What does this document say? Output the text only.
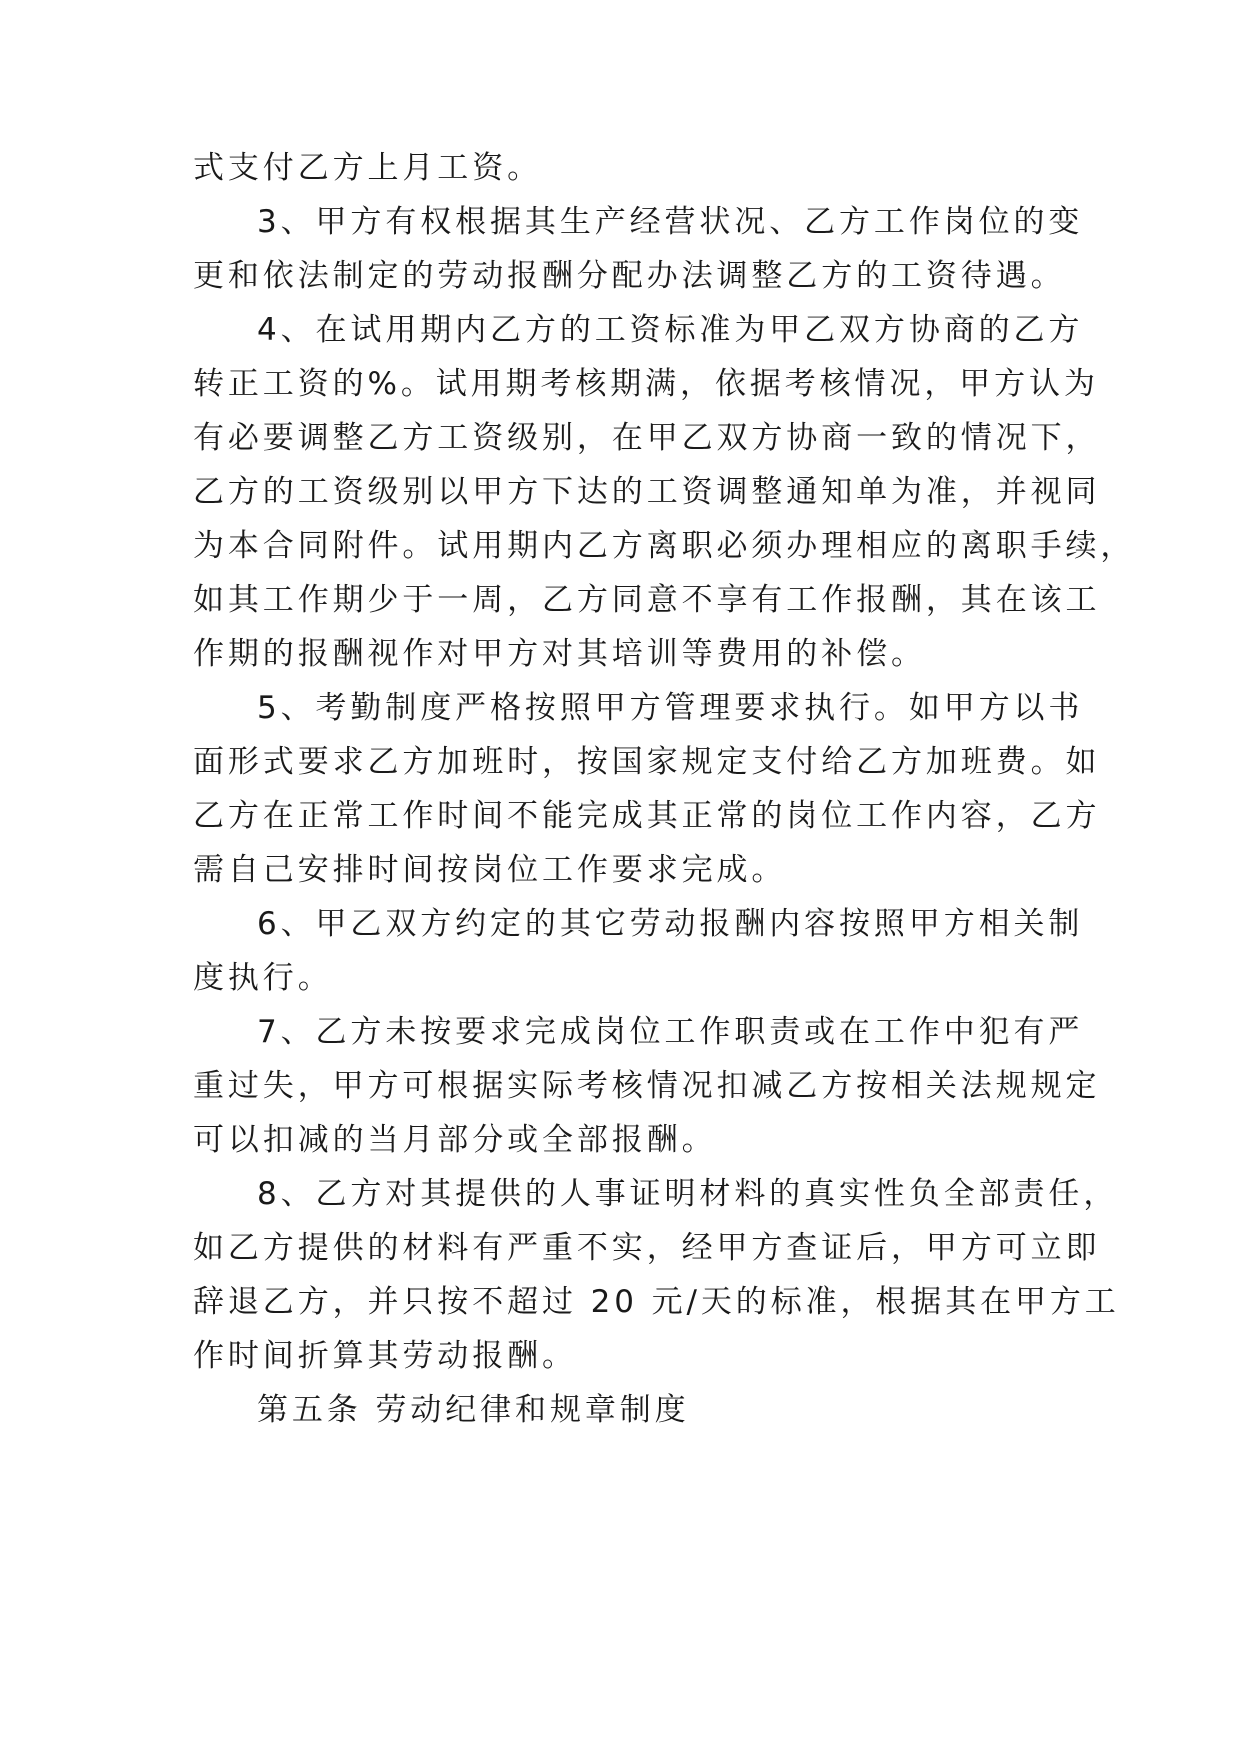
式支付乙方上月工资。
3、甲方有权根据其生产经营状况、乙方工作岗位的变
更和依法制定的劳动报酬分配办法调整乙方的工资待遇。
4、在试用期内乙方的工资标准为甲乙双方协商的乙方
转正工资的%。试用期考核期满，依据考核情况，甲方认为
有必要调整乙方工资级别，在甲乙双方协商一致的情况下，
乙方的工资级别以甲方下达的工资调整通知单为准，并视同
为本合同附件。试用期内乙方离职必须办理相应的离职手续，
如其工作期少于一周，乙方同意不享有工作报酬，其在该工
作期的报酬视作对甲方对其培训等费用的补偿。
5、考勤制度严格按照甲方管理要求执行。如甲方以书
面形式要求乙方加班时，按国家规定支付给乙方加班费。如
乙方在正常工作时间不能完成其正常的岗位工作内容，乙方
需自己安排时间按岗位工作要求完成。
6、甲乙双方约定的其它劳动报酬内容按照甲方相关制
度执行。
7、乙方未按要求完成岗位工作职责或在工作中犯有严
重过失，甲方可根据实际考核情况扣减乙方按相关法规规定
可以扣减的当月部分或全部报酬。
8、乙方对其提供的人事证明材料的真实性负全部责任，
如乙方提供的材料有严重不实，经甲方查证后，甲方可立即
辞退乙方，并只按不超过 20 元/天的标准，根据其在甲方工
作时间折算其劳动报酬。
第五条 劳动纪律和规章制度
